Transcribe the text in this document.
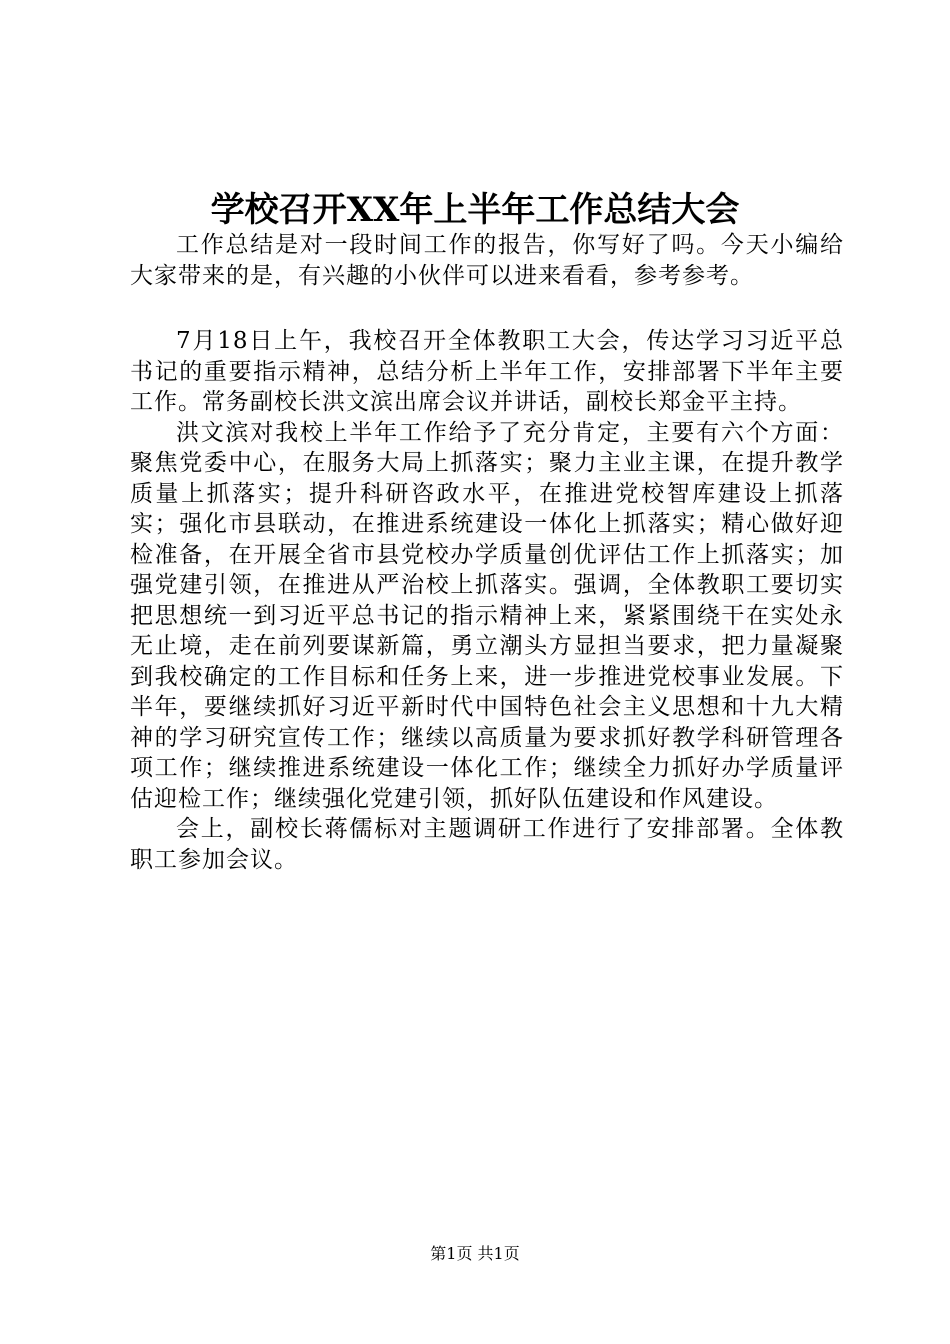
学校召开XX年上半年工作总结大会

工作总结是对一段时间工作的报告，你写好了吗。今天小编给大家带来的是，有兴趣的小伙伴可以进来看看，参考参考。

7月18日上午，我校召开全体教职工大会，传达学习习近平总书记的重要指示精神，总结分析上半年工作，安排部署下半年主要工作。常务副校长洪文滨出席会议并讲话，副校长郑金平主持。

洪文滨对我校上半年工作给予了充分肯定，主要有六个方面：聚焦党委中心，在服务大局上抓落实；聚力主业主课，在提升教学质量上抓落实；提升科研咨政水平，在推进党校智库建设上抓落实；强化市县联动，在推进系统建设一体化上抓落实；精心做好迎检准备，在开展全省市县党校办学质量创优评估工作上抓落实；加强党建引领，在推进从严治校上抓落实。强调，全体教职工要切实把思想统一到习近平总书记的指示精神上来，紧紧围绕干在实处永无止境，走在前列要谋新篇，勇立潮头方显担当要求，把力量凝聚到我校确定的工作目标和任务上来，进一步推进党校事业发展。下半年，要继续抓好习近平新时代中国特色社会主义思想和十九大精神的学习研究宣传工作；继续以高质量为要求抓好教学科研管理各项工作；继续推进系统建设一体化工作；继续全力抓好办学质量评估迎检工作；继续强化党建引领，抓好队伍建设和作风建设。

会上，副校长蒋儒标对主题调研工作进行了安排部署。全体教职工参加会议。

第1页 共1页
